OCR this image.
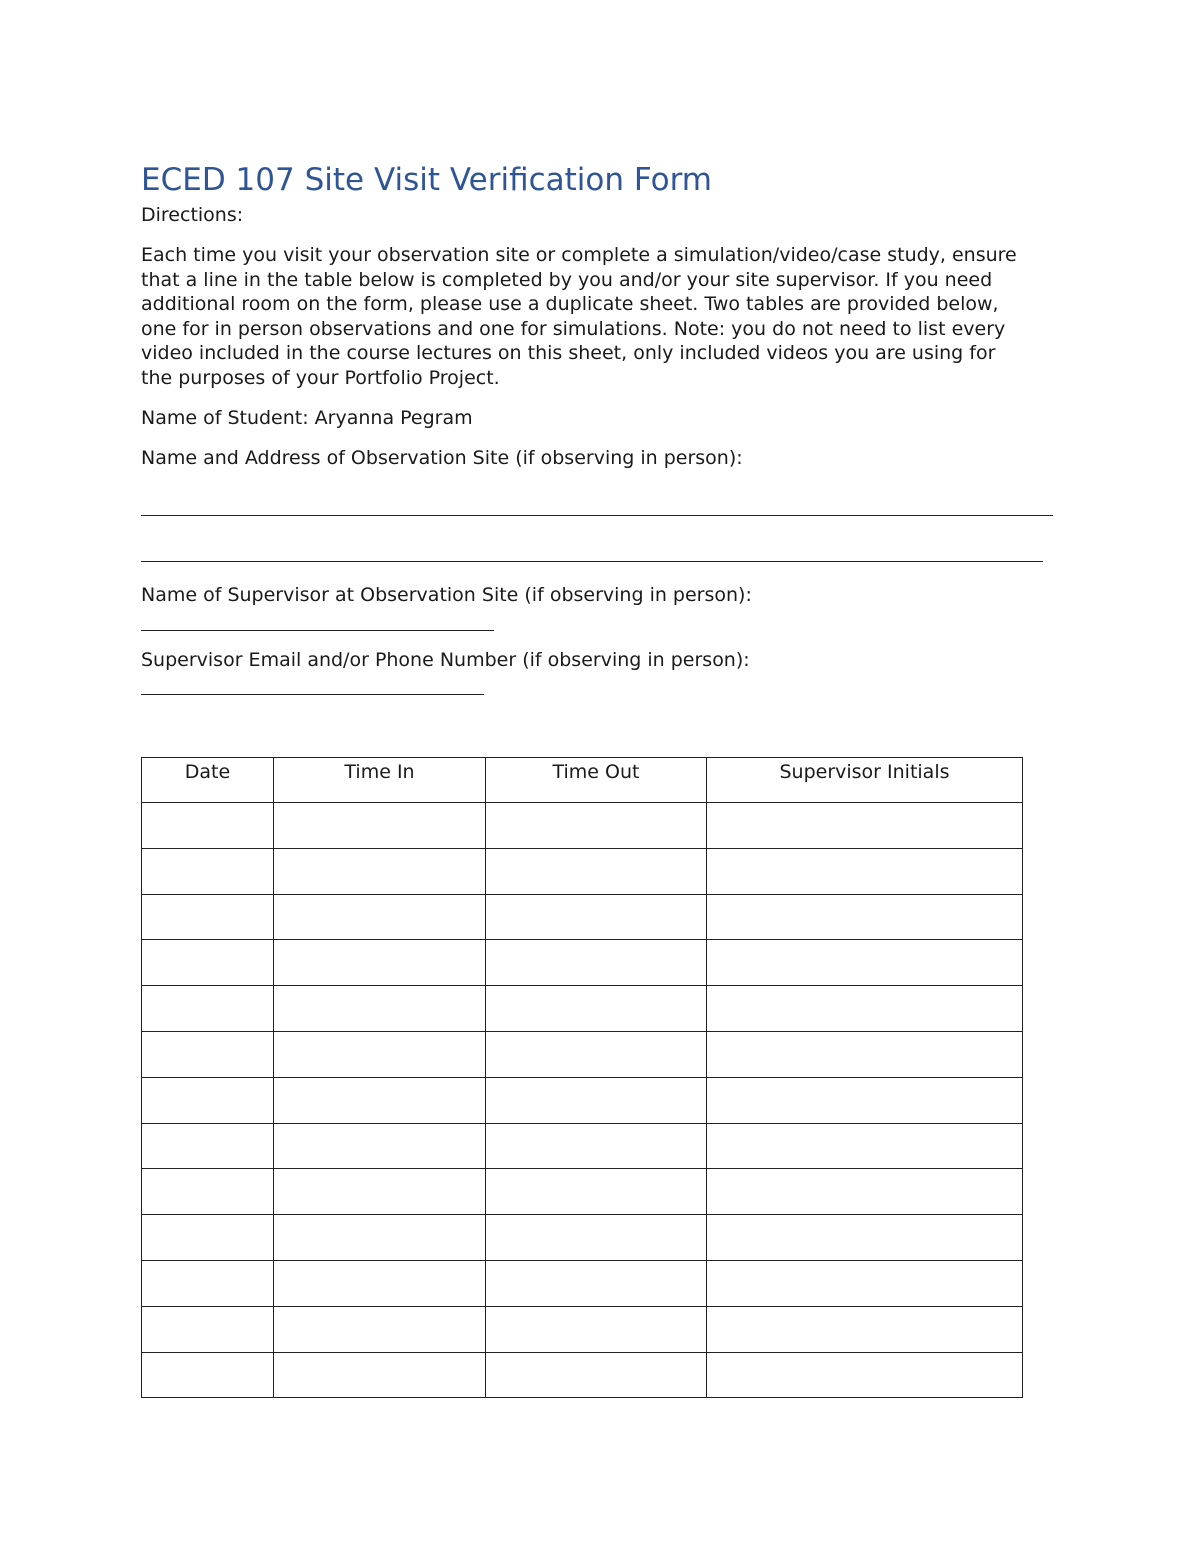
ECED 107 Site Visit Verification Form
Directions:
Each time you visit your observation site or complete a simulation/video/case study, ensure
that a line in the table below is completed by you and/or your site supervisor. If you need
additional room on the form, please use a duplicate sheet. Two tables are provided below,
one for in person observations and one for simulations. Note: you do not need to list every
video included in the course lectures on this sheet, only included videos you are using for
the purposes of your Portfolio Project.
Name of Student: Aryanna Pegram
Name and Address of Observation Site (if observing in person):
Name of Supervisor at Observation Site (if observing in person):
Supervisor Email and/or Phone Number (if observing in person):
Date	Time In	Time Out	Supervisor Initials
